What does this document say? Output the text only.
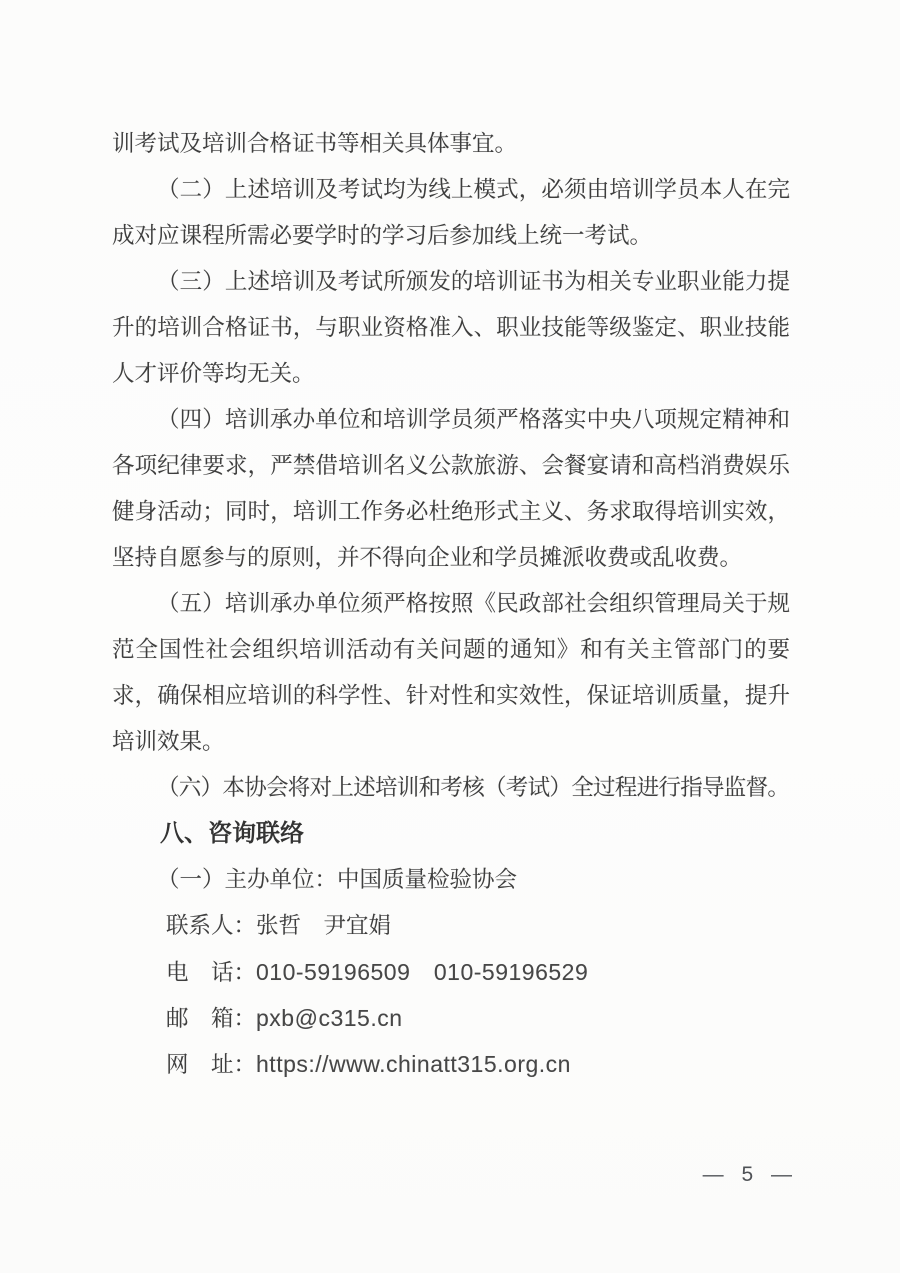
训考试及培训合格证书等相关具体事宜。
（二）上述培训及考试均为线上模式，必须由培训学员本人在完
成对应课程所需必要学时的学习后参加线上统一考试。
（三）上述培训及考试所颁发的培训证书为相关专业职业能力提
升的培训合格证书，与职业资格准入、职业技能等级鉴定、职业技能
人才评价等均无关。
（四）培训承办单位和培训学员须严格落实中央八项规定精神和
各项纪律要求，严禁借培训名义公款旅游、会餐宴请和高档消费娱乐
健身活动；同时，培训工作务必杜绝形式主义、务求取得培训实效，
坚持自愿参与的原则，并不得向企业和学员摊派收费或乱收费。
（五）培训承办单位须严格按照《民政部社会组织管理局关于规
范全国性社会组织培训活动有关问题的通知》和有关主管部门的要
求，确保相应培训的科学性、针对性和实效性，保证培训质量，提升
培训效果。
（六）本协会将对上述培训和考核（考试）全过程进行指导监督。
八、咨询联络
（一）主办单位：中国质量检验协会
联系人：张哲　尹宜娟
电　话：010-59196509　010-59196529
邮　箱：pxb@c315.cn
网　址：https://www.chinatt315.org.cn
— 5 —
